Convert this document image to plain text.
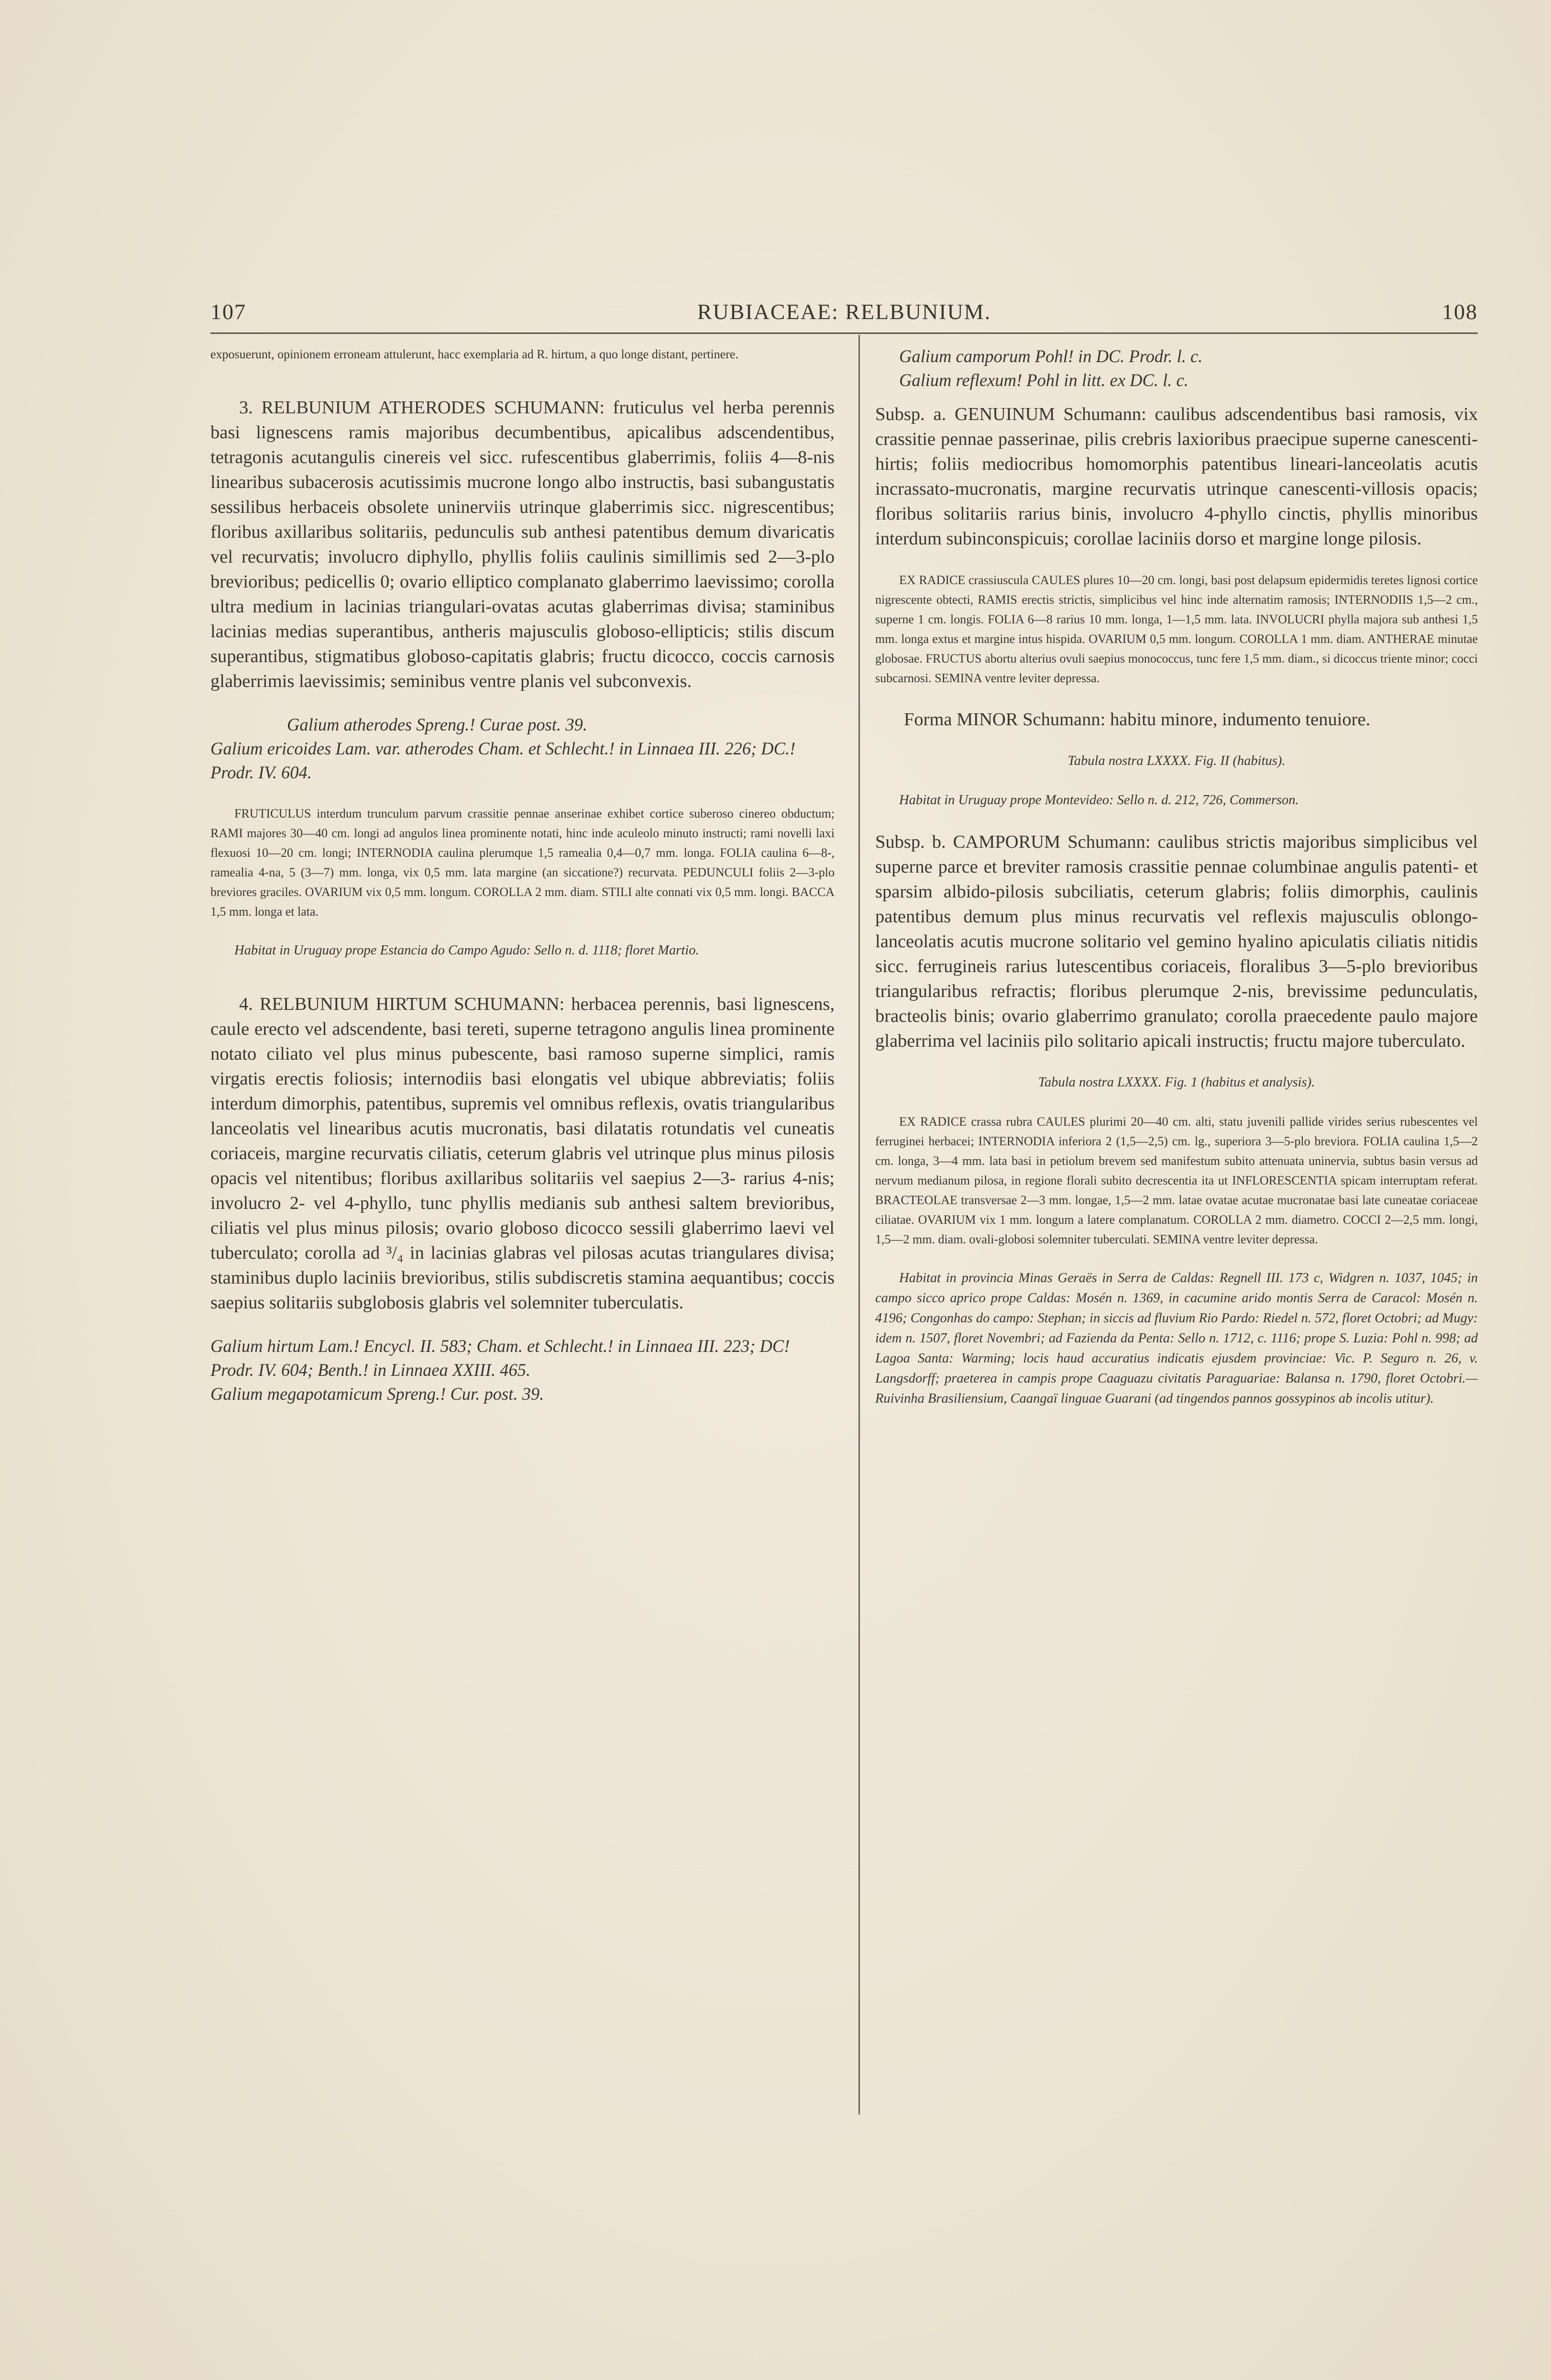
107	RUBIACEAE: RELBUNIUM.	108

exposuerunt, opinionem erroneam attulerunt, hacc exemplaria ad R. hirtum, a quo longe distant, pertinere.

3. RELBUNIUM ATHERODES SCHUMANN: fruticulus vel herba perennis basi lignescens ramis majoribus decumbentibus, apicalibus adscendentibus, tetragonis acutangulis cinereis vel sicc. rufescentibus glaberrimis, foliis 4—8-nis linearibus subacerosis acutissimis mucrone longo albo instructis, basi subangustatis sessilibus herbaceis obsolete uninerviis utrinque glaberrimis sicc. nigrescentibus; floribus axillaribus solitariis, pedunculis sub anthesi patentibus demum divaricatis vel recurvatis; involucro diphyllo, phyllis foliis caulinis simillimis sed 2—3-plo brevioribus; pedicellis 0; ovario elliptico complanato glaberrimo laevissimo; corolla ultra medium in lacinias triangulari-ovatas acutas glaberrimas divisa; staminibus lacinias medias superantibus, antheris majusculis globoso-ellipticis; stilis discum superantibus, stigmatibus globoso-capitatis glabris; fructu dicocco, coccis carnosis glaberrimis laevissimis; seminibus ventre planis vel subconvexis.

Galium atherodes Spreng.! Curae post. 39.

Galium ericoides Lam. var. atherodes Cham. et Schlecht.! in Linnaea III. 226; DC.! Prodr. IV. 604.

FRUTICULUS interdum trunculum parvum crassitie pennae anserinae exhibet cortice suberoso cinereo obductum; RAMI majores 30—40 cm. longi ad angulos linea prominente notati, hinc inde aculeolo minuto instructi; rami novelli laxi flexuosi 10—20 cm. longi; INTERNODIA caulina plerumque 1,5 ramealia 0,4—0,7 mm. longa. FOLIA caulina 6—8-, ramealia 4-na, 5 (3—7) mm. longa, vix 0,5 mm. lata margine (an siccatione?) recurvata. PEDUNCULI foliis 2—3-plo breviores graciles. OVARIUM vix 0,5 mm. longum. COROLLA 2 mm. diam. STILI alte connati vix 0,5 mm. longi. BACCA 1,5 mm. longa et lata.

Habitat in Uruguay prope Estancia do Campo Agudo: Sello n. d. 1118; floret Martio.

4. RELBUNIUM HIRTUM SCHUMANN: herbacea perennis, basi lignescens, caule erecto vel adscendente, basi tereti, superne tetragono angulis linea prominente notato ciliato vel plus minus pubescente, basi ramoso superne simplici, ramis virgatis erectis foliosis; internodiis basi elongatis vel ubique abbreviatis; foliis interdum dimorphis, patentibus, supremis vel omnibus reflexis, ovatis triangularibus lanceolatis vel linearibus acutis mucronatis, basi dilatatis rotundatis vel cuneatis coriaceis, margine recurvatis ciliatis, ceterum glabris vel utrinque plus minus pilosis opacis vel nitentibus; floribus axillaribus solitariis vel saepius 2—3- rarius 4-nis; involucro 2- vel 4-phyllo, tunc phyllis medianis sub anthesi saltem brevioribus, ciliatis vel plus minus pilosis; ovario globoso dicocco sessili glaberrimo laevi vel tuberculato; corolla ad ³/₄ in lacinias glabras vel pilosas acutas triangulares divisa; staminibus duplo laciniis brevioribus, stilis subdiscretis stamina aequantibus; coccis saepius solitariis subglobosis glabris vel solemniter tuberculatis.

Galium hirtum Lam.! Encycl. II. 583; Cham. et Schlecht.! in Linnaea III. 223; DC! Prodr. IV. 604; Benth.! in Linnaea XXIII. 465.

Galium megapotamicum Spreng.! Cur. post. 39.

Galium camporum Pohl! in DC. Prodr. l. c.

Galium reflexum! Pohl in litt. ex DC. l. c.

Subsp. a. GENUINUM Schumann: caulibus adscendentibus basi ramosis, vix crassitie pennae passerinae, pilis crebris laxioribus praecipue superne canescenti-hirtis; foliis mediocribus homomorphis patentibus lineari-lanceolatis acutis incrassato-mucronatis, margine recurvatis utrinque canescenti-villosis opacis; floribus solitariis rarius binis, involucro 4-phyllo cinctis, phyllis minoribus interdum subinconspicuis; corollae laciniis dorso et margine longe pilosis.

EX RADICE crassiuscula CAULES plures 10—20 cm. longi, basi post delapsum epidermidis teretes lignosi cortice nigrescente obtecti, RAMIS erectis strictis, simplicibus vel hinc inde alternatim ramosis; INTERNODIIS 1,5—2 cm., superne 1 cm. longis. FOLIA 6—8 rarius 10 mm. longa, 1—1,5 mm. lata. INVOLUCRI phylla majora sub anthesi 1,5 mm. longa extus et margine intus hispida. OVARIUM 0,5 mm. longum. COROLLA 1 mm. diam. ANTHERAE minutae globosae. FRUCTUS abortu alterius ovuli saepius monococcus, tunc fere 1,5 mm. diam., si dicoccus triente minor; cocci subcarnosi. SEMINA ventre leviter depressa.

Forma MINOR Schumann: habitu minore, indumento tenuiore.

Tabula nostra LXXXX. Fig. II (habitus).

Habitat in Uruguay prope Montevideo: Sello n. d. 212, 726, Commerson.

Subsp. b. CAMPORUM Schumann: caulibus strictis majoribus simplicibus vel superne parce et breviter ramosis crassitie pennae columbinae angulis patenti- et sparsim albido-pilosis subciliatis, ceterum glabris; foliis dimorphis, caulinis patentibus demum plus minus recurvatis vel reflexis majusculis oblongo-lanceolatis acutis mucrone solitario vel gemino hyalino apiculatis ciliatis nitidis sicc. ferrugineis rarius lutescentibus coriaceis, floralibus 3—5-plo brevioribus triangularibus refractis; floribus plerumque 2-nis, brevissime pedunculatis, bracteolis binis; ovario glaberrimo granulato; corolla praecedente paulo majore glaberrima vel laciniis pilo solitario apicali instructis; fructu majore tuberculato.

Tabula nostra LXXXX. Fig. 1 (habitus et analysis).

EX RADICE crassa rubra CAULES plurimi 20—40 cm. alti, statu juvenili pallide virides serius rubescentes vel ferruginei herbacei; INTERNODIA inferiora 2 (1,5—2,5) cm. lg., superiora 3—5-plo breviora. FOLIA caulina 1,5—2 cm. longa, 3—4 mm. lata basi in petiolum brevem sed manifestum subito attenuata uninervia, subtus basin versus ad nervum medianum pilosa, in regione florali subito decrescentia ita ut INFLORESCENTIA spicam interruptam referat. BRACTEOLAE transversae 2—3 mm. longae, 1,5—2 mm. latae ovatae acutae mucronatae basi late cuneatae coriaceae ciliatae. OVARIUM vix 1 mm. longum a latere complanatum. COROLLA 2 mm. diametro. COCCI 2—2,5 mm. longi, 1,5—2 mm. diam. ovali-globosi solemniter tuberculati. SEMINA ventre leviter depressa.

Habitat in provincia Minas Geraës in Serra de Caldas: Regnell III. 173 c, Widgren n. 1037, 1045; in campo sicco aprico prope Caldas: Mosén n. 1369, in cacumine arido montis Serra de Caracol: Mosén n. 4196; Congonhas do campo: Stephan; in siccis ad fluvium Rio Pardo: Riedel n. 572, floret Octobri; ad Mugy: idem n. 1507, floret Novembri; ad Fazienda da Penta: Sello n. 1712, c. 1116; prope S. Luzia: Pohl n. 998; ad Lagoa Santa: Warming; locis haud accuratius indicatis ejusdem provinciae: Vic. P. Seguro n. 26, v. Langsdorff; praeterea in campis prope Caaguazu civitatis Paraguariae: Balansa n. 1790, floret Octobri.— Ruivinha Brasiliensium, Caangaï linguae Guarani (ad tingendos pannos gossypinos ab incolis utitur).
